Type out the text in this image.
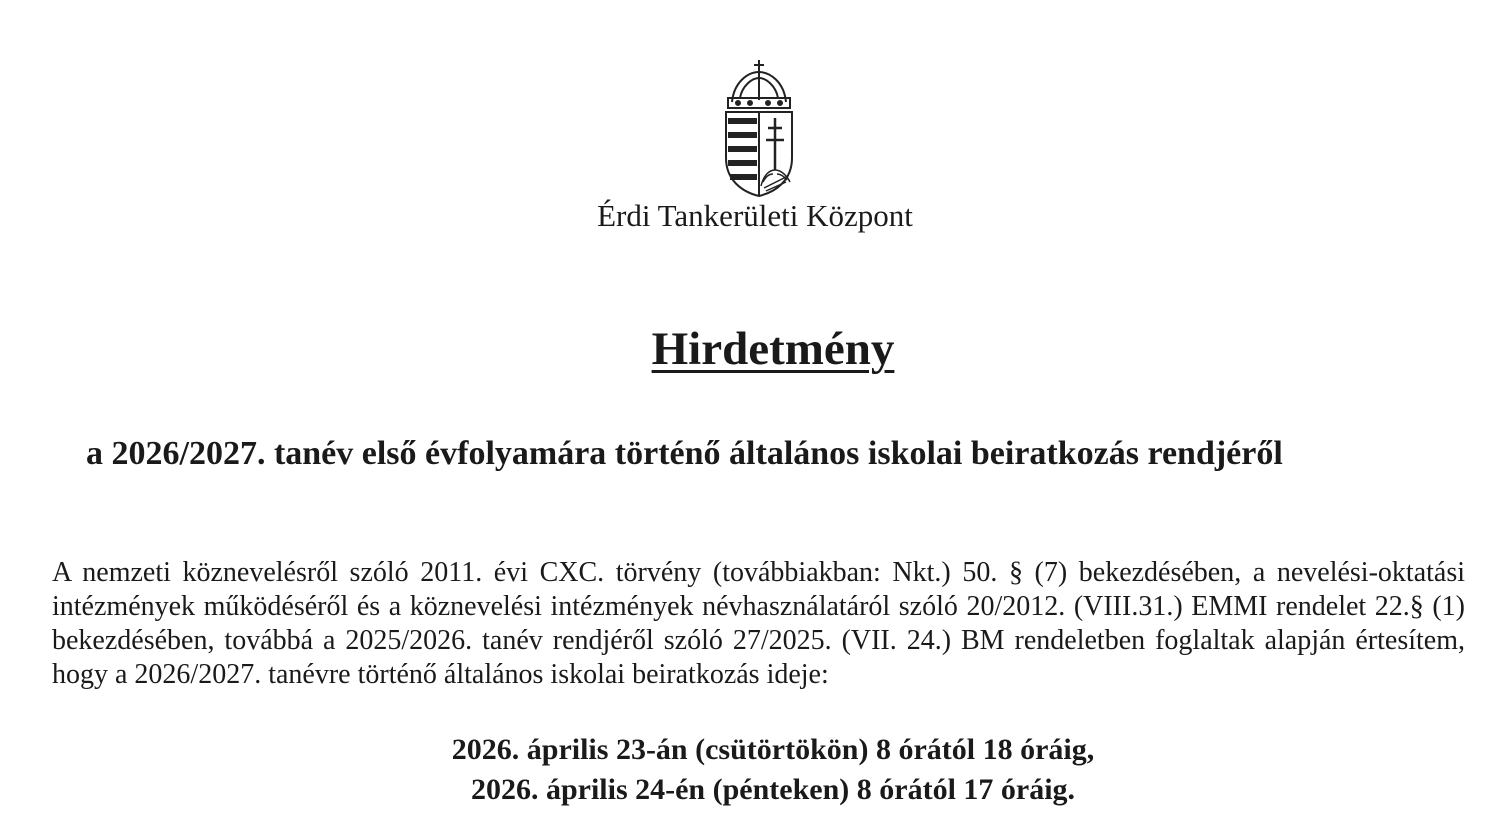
Érdi Tankerületi Központ
Hirdetmény
a 2026/2027. tanév első évfolyamára történő általános iskolai beiratkozás rendjéről
A nemzeti köznevelésről szóló 2011. évi CXC. törvény (továbbiakban: Nkt.) 50. § (7) bekezdésében, a nevelési-oktatási intézmények működéséről és a köznevelési intézmények névhasználatáról szóló 20/2012. (VIII.31.) EMMI rendelet 22.§ (1) bekezdésében, továbbá a 2025/2026. tanév rendjéről szóló 27/2025. (VII. 24.) BM rendeletben foglaltak alapján értesítem, hogy a 2026/2027. tanévre történő általános iskolai beiratkozás ideje:
2026. április 23-án (csütörtökön) 8 órától 18 óráig,
2026. április 24-én (pénteken) 8 órától 17 óráig.
